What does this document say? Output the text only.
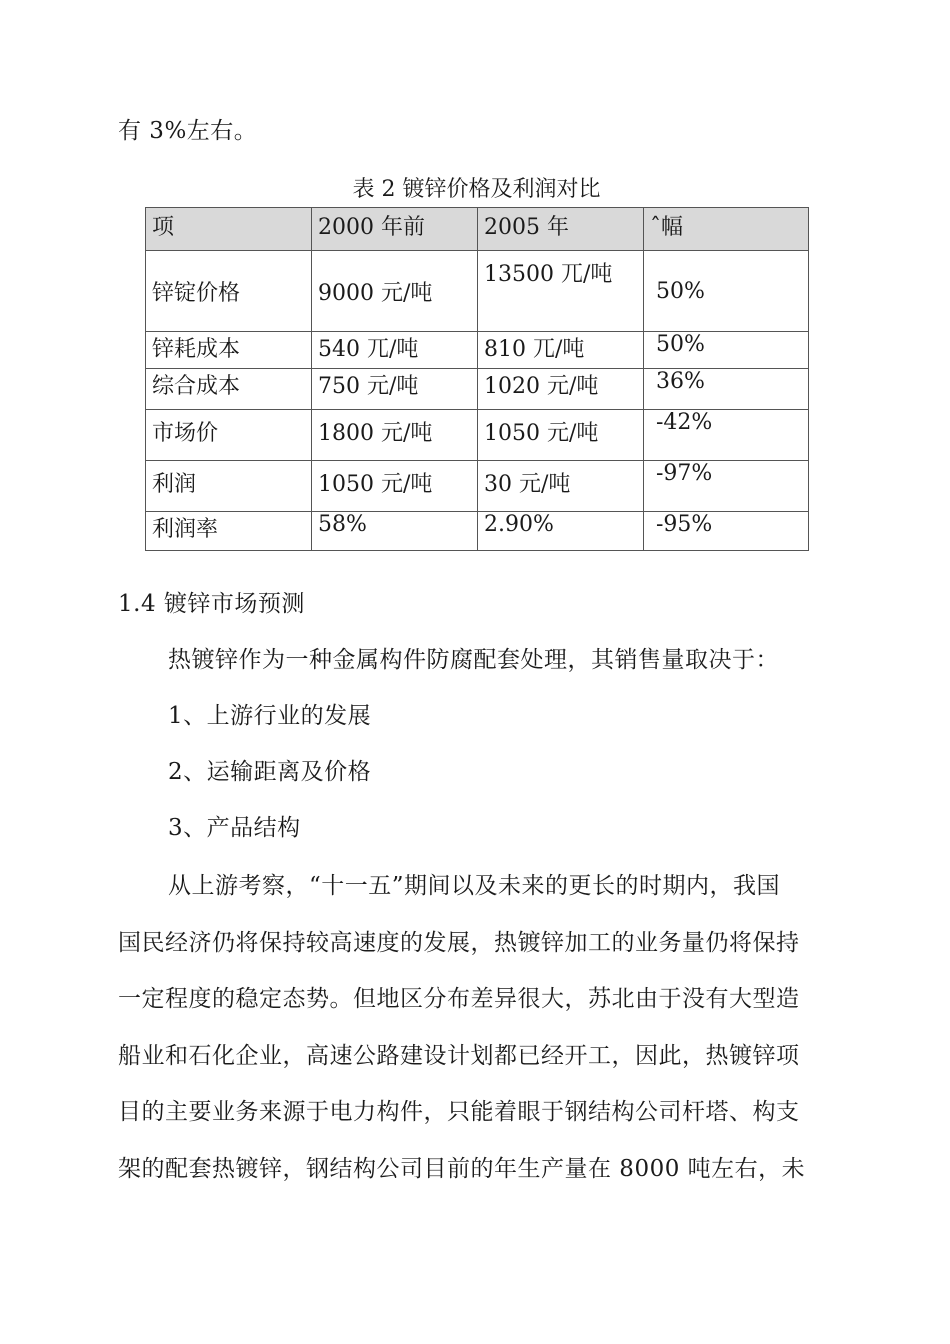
有 3%左右。
表 2 镀锌价格及利润对比
项	2000 年前	2005 年	ˆ幅
锌锭价格	9000 元/吨	13500 兀/吨	50%
锌耗成本	540 兀/吨	810 兀/吨	50%
综合成本	750 元/吨	1020 元/吨	36%
市场价	1800 元/吨	1050 元/吨	-42%
利润	1050 元/吨	30 元/吨	-97%
利润率	58%	2.90%	-95%
1.4 镀锌市场预测
热镀锌作为一种金属构件防腐配套处理，其销售量取决于：
1、上游行业的发展
2、运输距离及价格
3、产品结构
从上游考察，“十一五”期间以及未来的更长的时期内，我国
国民经济仍将保持较高速度的发展，热镀锌加工的业务量仍将保持
一定程度的稳定态势。但地区分布差异很大，苏北由于没有大型造
船业和石化企业，高速公路建设计划都已经开工，因此，热镀锌项
目的主要业务来源于电力构件，只能着眼于钢结构公司杆塔、构支
架的配套热镀锌，钢结构公司目前的年生产量在 8000 吨左右，未
